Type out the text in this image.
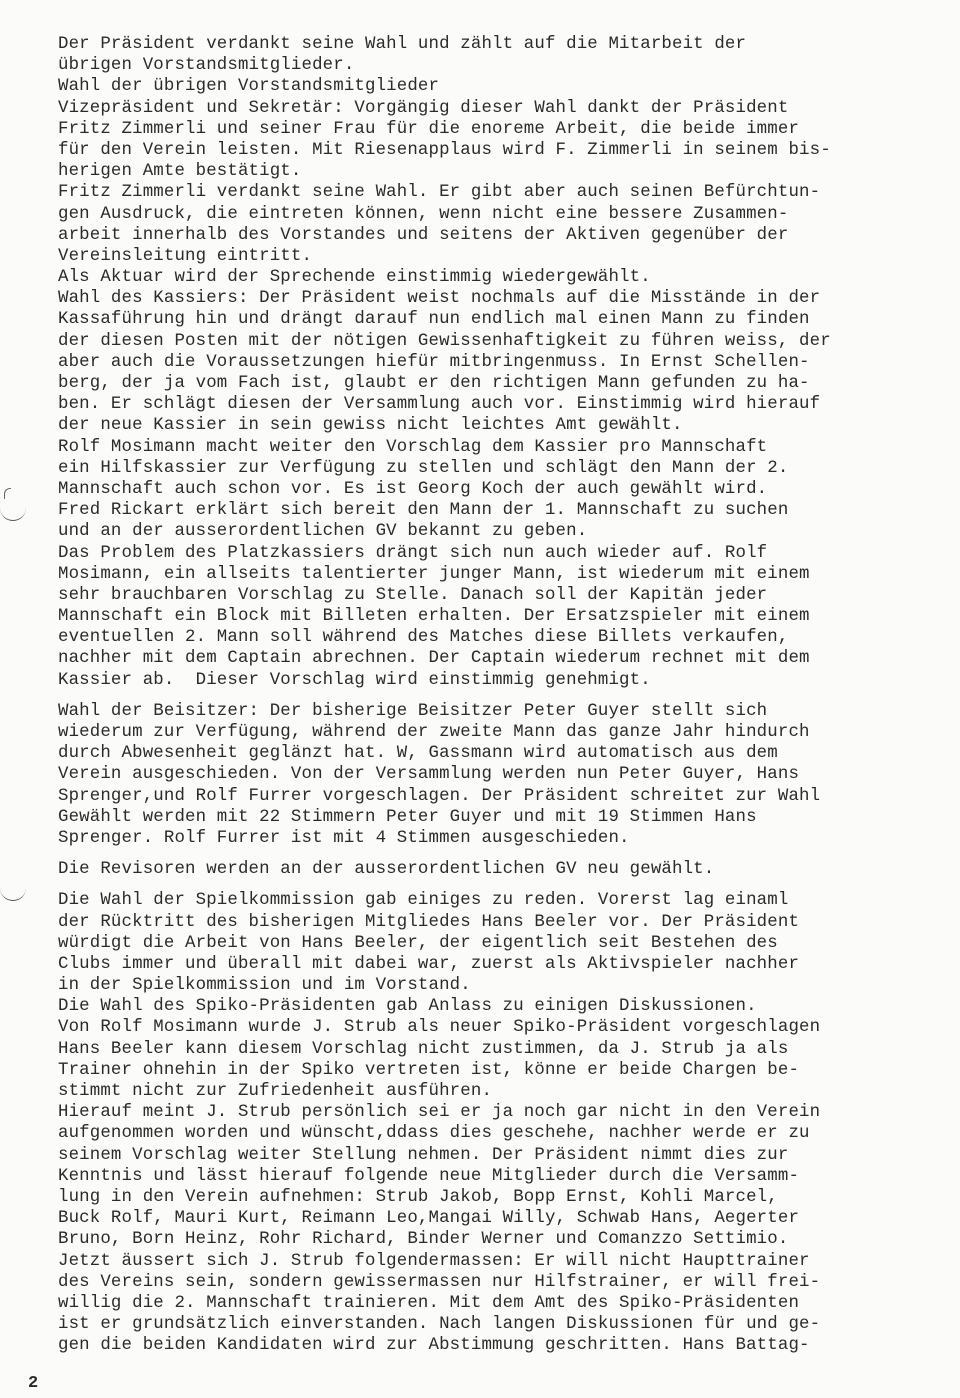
Der Präsident verdankt seine Wahl und zählt auf die Mitarbeit der
übrigen Vorstandsmitglieder.
Wahl der übrigen Vorstandsmitglieder
Vizepräsident und Sekretär: Vorgängig dieser Wahl dankt der Präsident
Fritz Zimmerli und seiner Frau für die enoreme Arbeit, die beide immer
für den Verein leisten. Mit Riesenapplaus wird F. Zimmerli in seinem bis-
herigen Amte bestätigt.
Fritz Zimmerli verdankt seine Wahl. Er gibt aber auch seinen Befürchtun-
gen Ausdruck, die eintreten können, wenn nicht eine bessere Zusammen-
arbeit innerhalb des Vorstandes und seitens der Aktiven gegenüber der
Vereinsleitung eintritt.
Als Aktuar wird der Sprechende einstimmig wiedergewählt.
Wahl des Kassiers: Der Präsident weist nochmals auf die Misstände in der
Kassaführung hin und drängt darauf nun endlich mal einen Mann zu finden
der diesen Posten mit der nötigen Gewissenhaftigkeit zu führen weiss, der
aber auch die Voraussetzungen hiefür mitbringenmuss. In Ernst Schellen-
berg, der ja vom Fach ist, glaubt er den richtigen Mann gefunden zu ha-
ben. Er schlägt diesen der Versammlung auch vor. Einstimmig wird hierauf
der neue Kassier in sein gewiss nicht leichtes Amt gewählt.
Rolf Mosimann macht weiter den Vorschlag dem Kassier pro Mannschaft
ein Hilfskassier zur Verfügung zu stellen und schlägt den Mann der 2.
Mannschaft auch schon vor. Es ist Georg Koch der auch gewählt wird.
Fred Rickart erklärt sich bereit den Mann der 1. Mannschaft zu suchen
und an der ausserordentlichen GV bekannt zu geben.
Das Problem des Platzkassiers drängt sich nun auch wieder auf. Rolf
Mosimann, ein allseits talentierter junger Mann, ist wiederum mit einem
sehr brauchbaren Vorschlag zu Stelle. Danach soll der Kapitän jeder
Mannschaft ein Block mit Billeten erhalten. Der Ersatzspieler mit einem
eventuellen 2. Mann soll während des Matches diese Billets verkaufen,
nachher mit dem Captain abrechnen. Der Captain wiederum rechnet mit dem
Kassier ab.  Dieser Vorschlag wird einstimmig genehmigt.
Wahl der Beisitzer: Der bisherige Beisitzer Peter Guyer stellt sich
wiederum zur Verfügung, während der zweite Mann das ganze Jahr hindurch
durch Abwesenheit geglänzt hat. W, Gassmann wird automatisch aus dem
Verein ausgeschieden. Von der Versammlung werden nun Peter Guyer, Hans
Sprenger,und Rolf Furrer vorgeschlagen. Der Präsident schreitet zur Wahl
Gewählt werden mit 22 Stimmern Peter Guyer und mit 19 Stimmen Hans
Sprenger. Rolf Furrer ist mit 4 Stimmen ausgeschieden.
Die Revisoren werden an der ausserordentlichen GV neu gewählt.
Die Wahl der Spielkommission gab einiges zu reden. Vorerst lag einaml
der Rücktritt des bisherigen Mitgliedes Hans Beeler vor. Der Präsident
würdigt die Arbeit von Hans Beeler, der eigentlich seit Bestehen des
Clubs immer und überall mit dabei war, zuerst als Aktivspieler nachher
in der Spielkommission und im Vorstand.
Die Wahl des Spiko-Präsidenten gab Anlass zu einigen Diskussionen.
Von Rolf Mosimann wurde J. Strub als neuer Spiko-Präsident vorgeschlagen
Hans Beeler kann diesem Vorschlag nicht zustimmen, da J. Strub ja als
Trainer ohnehin in der Spiko vertreten ist, könne er beide Chargen be-
stimmt nicht zur Zufriedenheit ausführen.
Hierauf meint J. Strub persönlich sei er ja noch gar nicht in den Verein
aufgenommen worden und wünscht,ddass dies geschehe, nachher werde er zu
seinem Vorschlag weiter Stellung nehmen. Der Präsident nimmt dies zur
Kenntnis und lässt hierauf folgende neue Mitglieder durch die Versamm-
lung in den Verein aufnehmen: Strub Jakob, Bopp Ernst, Kohli Marcel,
Buck Rolf, Mauri Kurt, Reimann Leo,Mangai Willy, Schwab Hans, Aegerter
Bruno, Born Heinz, Rohr Richard, Binder Werner und Comanzzo Settimio.
Jetzt äussert sich J. Strub folgendermassen: Er will nicht Haupttrainer
des Vereins sein, sondern gewissermassen nur Hilfstrainer, er will frei-
willig die 2. Mannschaft trainieren. Mit dem Amt des Spiko-Präsidenten
ist er grundsätzlich einverstanden. Nach langen Diskussionen für und ge-
gen die beiden Kandidaten wird zur Abstimmung geschritten. Hans Battag-
2
